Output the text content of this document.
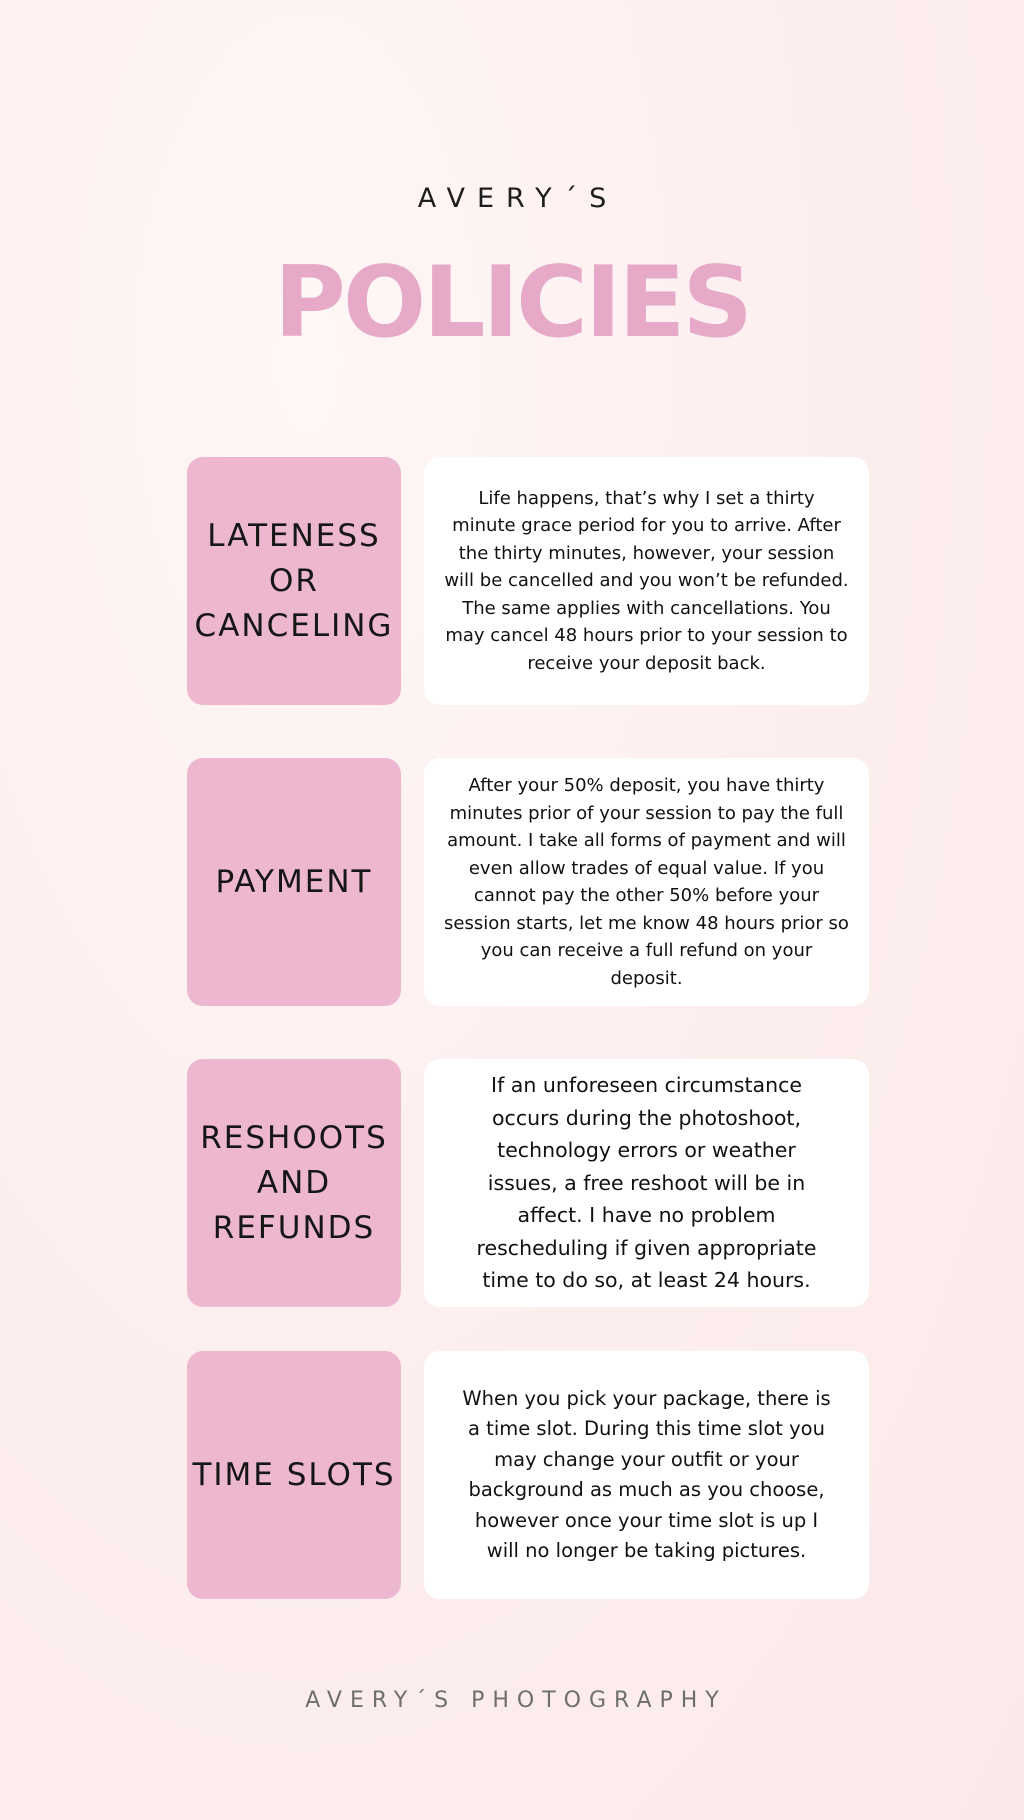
AVERY´S
POLICIES
LATENESS
OR
CANCELING
Life happens, that’s why I set a thirty minute grace period for you to arrive. After the thirty minutes, however, your session will be cancelled and you won’t be refunded. The same applies with cancellations. You may cancel 48 hours prior to your session to receive your deposit back.
PAYMENT
After your 50% deposit, you have thirty minutes prior of your session to pay the full amount. I take all forms of payment and will even allow trades of equal value. If you cannot pay the other 50% before your session starts, let me know 48 hours prior so you can receive a full refund on your deposit.
RESHOOTS
AND
REFUNDS
If an unforeseen circumstance occurs during the photoshoot, technology errors or weather issues, a free reshoot will be in affect. I have no problem rescheduling if given appropriate time to do so, at least 24 hours.
TIME SLOTS
When you pick your package, there is a time slot. During this time slot you may change your outfit or your background as much as you choose, however once your time slot is up I will no longer be taking pictures.
AVERY´S PHOTOGRAPHY
